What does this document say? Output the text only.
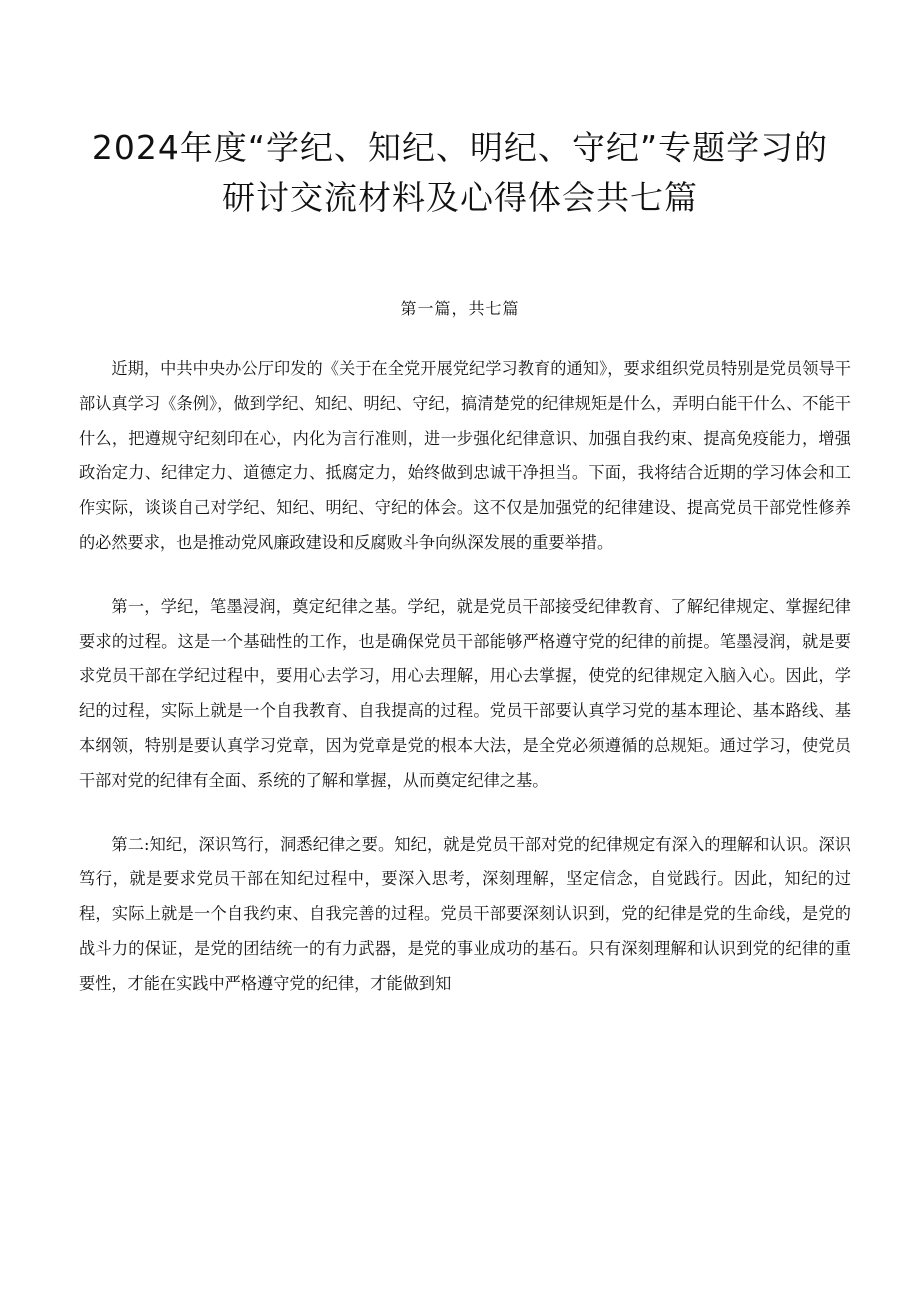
2024年度“学纪、知纪、明纪、守纪”专题学习的
研讨交流材料及心得体会共七篇
第一篇，共七篇

近期，中共中央办公厅印发的《关于在全党开展党纪学习教育的通知》，要求组织党员特别是党员领导干部认真学习《条例》，做到学纪、知纪、明纪、守纪，搞清楚党的纪律规矩是什么，弄明白能干什么、不能干什么，把遵规守纪刻印在心，内化为言行准则，进一步强化纪律意识、加强自我约束、提高免疫能力，增强政治定力、纪律定力、道德定力、抵腐定力，始终做到忠诚干净担当。下面，我将结合近期的学习体会和工作实际，谈谈自己对学纪、知纪、明纪、守纪的体会。这不仅是加强党的纪律建设、提高党员干部党性修养的必然要求，也是推动党风廉政建设和反腐败斗争向纵深发展的重要举措。

第一，学纪，笔墨浸润，奠定纪律之基。学纪，就是党员干部接受纪律教育、了解纪律规定、掌握纪律要求的过程。这是一个基础性的工作，也是确保党员干部能够严格遵守党的纪律的前提。笔墨浸润，就是要求党员干部在学纪过程中，要用心去学习，用心去理解，用心去掌握，使党的纪律规定入脑入心。因此，学纪的过程，实际上就是一个自我教育、自我提高的过程。党员干部要认真学习党的基本理论、基本路线、基本纲领，特别是要认真学习党章，因为党章是党的根本大法，是全党必须遵循的总规矩。通过学习，使党员干部对党的纪律有全面、系统的了解和掌握，从而奠定纪律之基。

第二:知纪，深识笃行，洞悉纪律之要。知纪，就是党员干部对党的纪律规定有深入的理解和认识。深识笃行，就是要求党员干部在知纪过程中，要深入思考，深刻理解，坚定信念，自觉践行。因此，知纪的过程，实际上就是一个自我约束、自我完善的过程。党员干部要深刻认识到，党的纪律是党的生命线，是党的战斗力的保证，是党的团结统一的有力武器，是党的事业成功的基石。只有深刻理解和认识到党的纪律的重要性，才能在实践中严格遵守党的纪律，才能做到知
